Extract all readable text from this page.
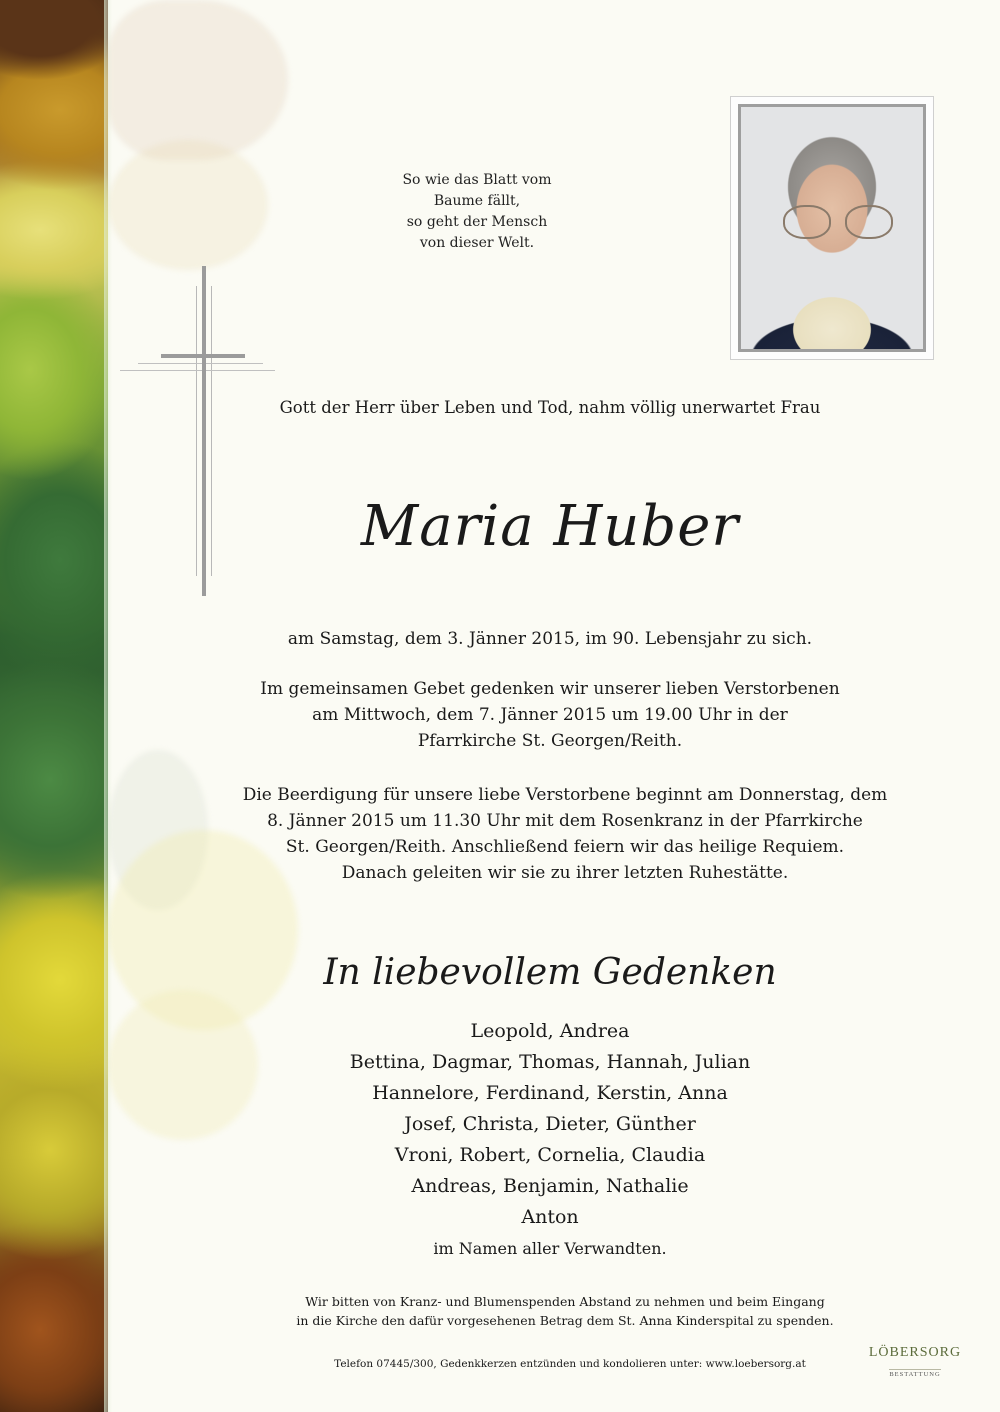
So wie das Blatt vom
Baume fällt,
so geht der Mensch
von dieser Welt.
Gott der Herr über Leben und Tod, nahm völlig unerwartet Frau
Maria Huber
am Samstag, dem 3. Jänner 2015, im 90. Lebensjahr zu sich.
Im gemeinsamen Gebet gedenken wir unserer lieben Verstorbenen
am Mittwoch, dem 7. Jänner 2015 um 19.00 Uhr in der
Pfarrkirche St. Georgen/Reith.
Die Beerdigung für unsere liebe Verstorbene beginnt am Donnerstag, dem
8. Jänner 2015 um 11.30 Uhr mit dem Rosenkranz in der Pfarrkirche
St. Georgen/Reith. Anschließend feiern wir das heilige Requiem.
Danach geleiten wir sie zu ihrer letzten Ruhestätte.
In liebevollem Gedenken
Leopold, Andrea
Bettina, Dagmar, Thomas, Hannah, Julian
Hannelore, Ferdinand, Kerstin, Anna
Josef, Christa, Dieter, Günther
Vroni, Robert, Cornelia, Claudia
Andreas, Benjamin, Nathalie
Anton
im Namen aller Verwandten.
Wir bitten von Kranz- und Blumenspenden Abstand zu nehmen und beim Eingang
in die Kirche den dafür vorgesehenen Betrag dem St. Anna Kinderspital zu spenden.
Telefon 07445/300, Gedenkkerzen entzünden und kondolieren unter: www.loebersorg.at
LÖBERSORG
BESTATTUNG
